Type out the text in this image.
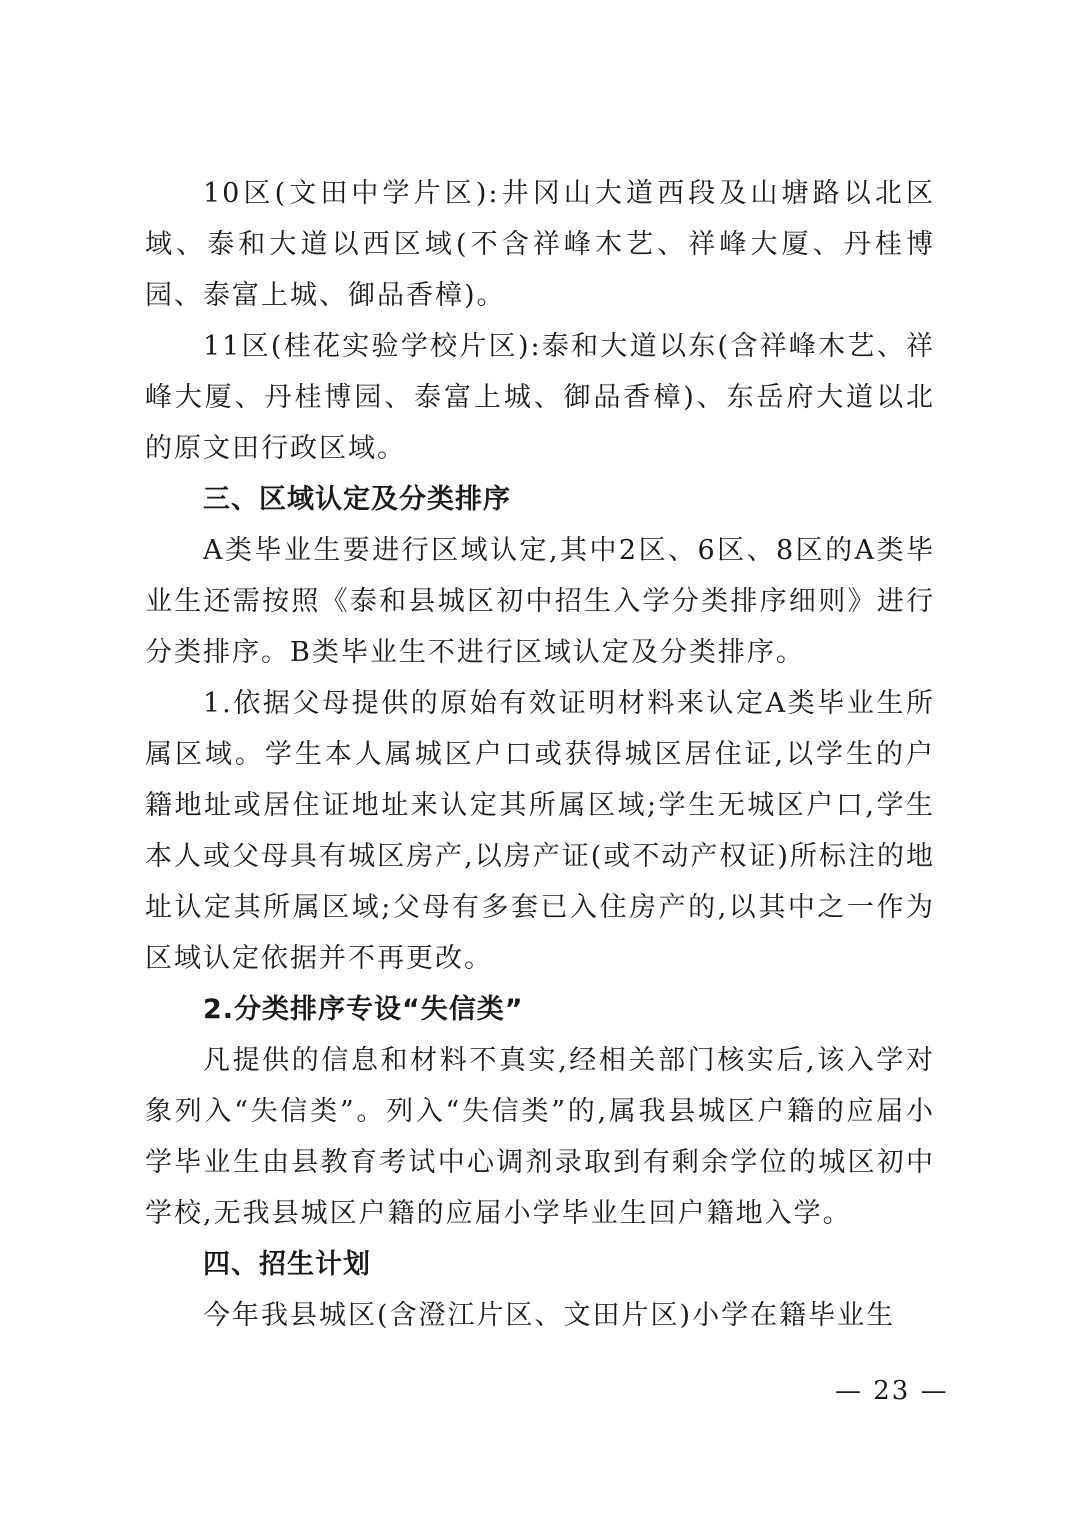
10区(文田中学片区):井冈山大道西段及山塘路以北区域、泰和大道以西区域(不含祥峰木艺、祥峰大厦、丹桂博园、泰富上城、御品香樟)。

11区(桂花实验学校片区):泰和大道以东(含祥峰木艺、祥峰大厦、丹桂博园、泰富上城、御品香樟)、东岳府大道以北的原文田行政区域。

三、区域认定及分类排序

A类毕业生要进行区域认定,其中2区、6区、8区的A类毕业生还需按照《泰和县城区初中招生入学分类排序细则》进行分类排序。B类毕业生不进行区域认定及分类排序。

1.依据父母提供的原始有效证明材料来认定A类毕业生所属区域。学生本人属城区户口或获得城区居住证,以学生的户籍地址或居住证地址来认定其所属区域;学生无城区户口,学生本人或父母具有城区房产,以房产证(或不动产权证)所标注的地址认定其所属区域;父母有多套已入住房产的,以其中之一作为区域认定依据并不再更改。

2.分类排序专设“失信类”

凡提供的信息和材料不真实,经相关部门核实后,该入学对象列入“失信类”。列入“失信类”的,属我县城区户籍的应届小学毕业生由县教育考试中心调剂录取到有剩余学位的城区初中学校,无我县城区户籍的应届小学毕业生回户籍地入学。

四、招生计划

今年我县城区(含澄江片区、文田片区)小学在籍毕业生

— 23 —
